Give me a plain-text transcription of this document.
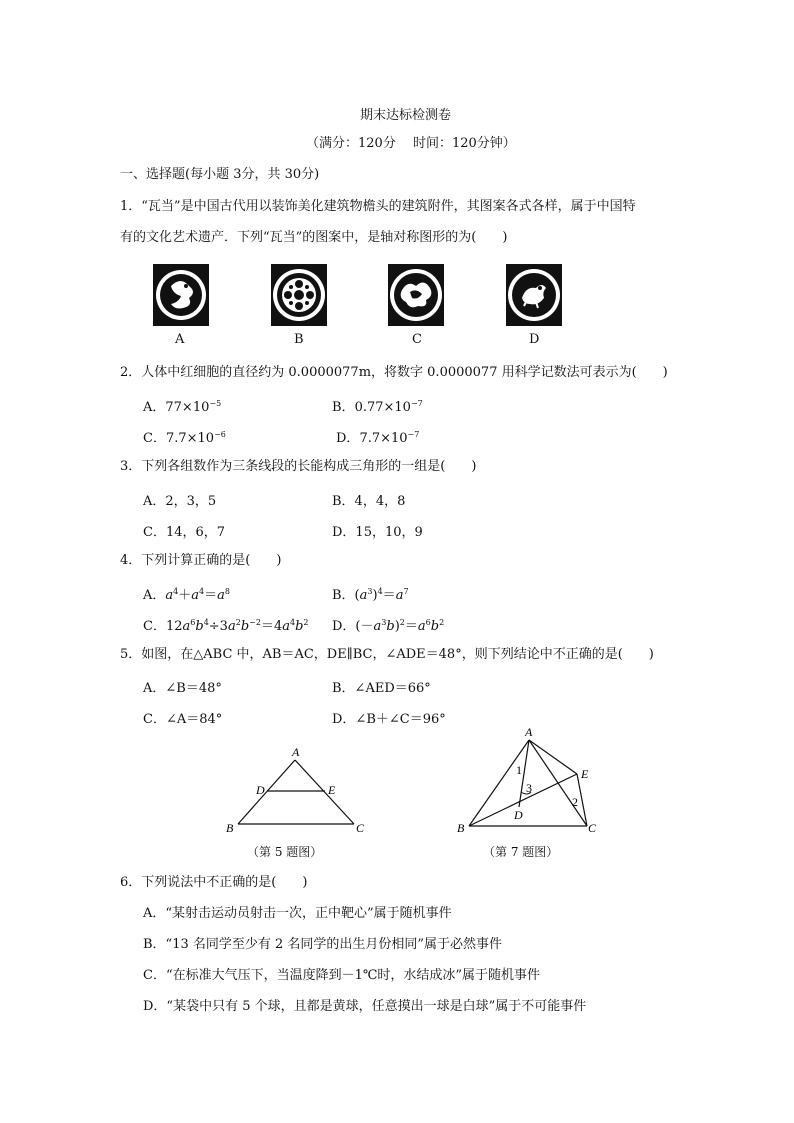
期末达标检测卷
（满分：120分　 时间：120分钟）
一、选择题(每小题 3分，共 30分)
1．“瓦当”是中国古代用以装饰美化建筑物檐头的建筑附件，其图案各式各样，属于中国特
有的文化艺术遗产．下列“瓦当”的图案中，是轴对称图形的为(　　)
A	B	C	D
2．人体中红细胞的直径约为 0.0000077m，将数字 0.0000077 用科学记数法可表示为(　　)
A．$77\times 10^{-5}$	B．$0.77\times 10^{-7}$
C．$7.7\times 10^{-6}$	D．$7.7\times 10^{-7}$
3．下列各组数作为三条线段的长能构成三角形的一组是(　　)
A．2，3，5	B．4，4，8
C．14，6，7	D．15，10，9
4．下列计算正确的是(　　)
A．$a^4+a^4=a^8$	B．$(a^3)^4=a^7$
C．$12a^6b^4\div 3a^2b^{-2}=4a^4b^2$ D．$(-a^3b)^2=a^6b^2$
5．如图，在△ABC 中，AB＝AC，DE∥BC，∠ADE＝48°，则下列结论中不正确的是(　　)
A．∠B＝48°	B．∠AED＝66°
C．∠A＝84°	D．∠B＋∠C＝96°
A
D	E
B	C
（第 5 题图）
A
E
B	C
D
1
3
2
（第 7 题图）
6．下列说法中不正确的是(　　)
A．“某射击运动员射击一次，正中靶心”属于随机事件
B．“13 名同学至少有 2 名同学的出生月份相同”属于必然事件
C．“在标准大气压下，当温度降到－1℃时，水结成冰”属于随机事件
D．“某袋中只有 5 个球，且都是黄球，任意摸出一球是白球”属于不可能事件
